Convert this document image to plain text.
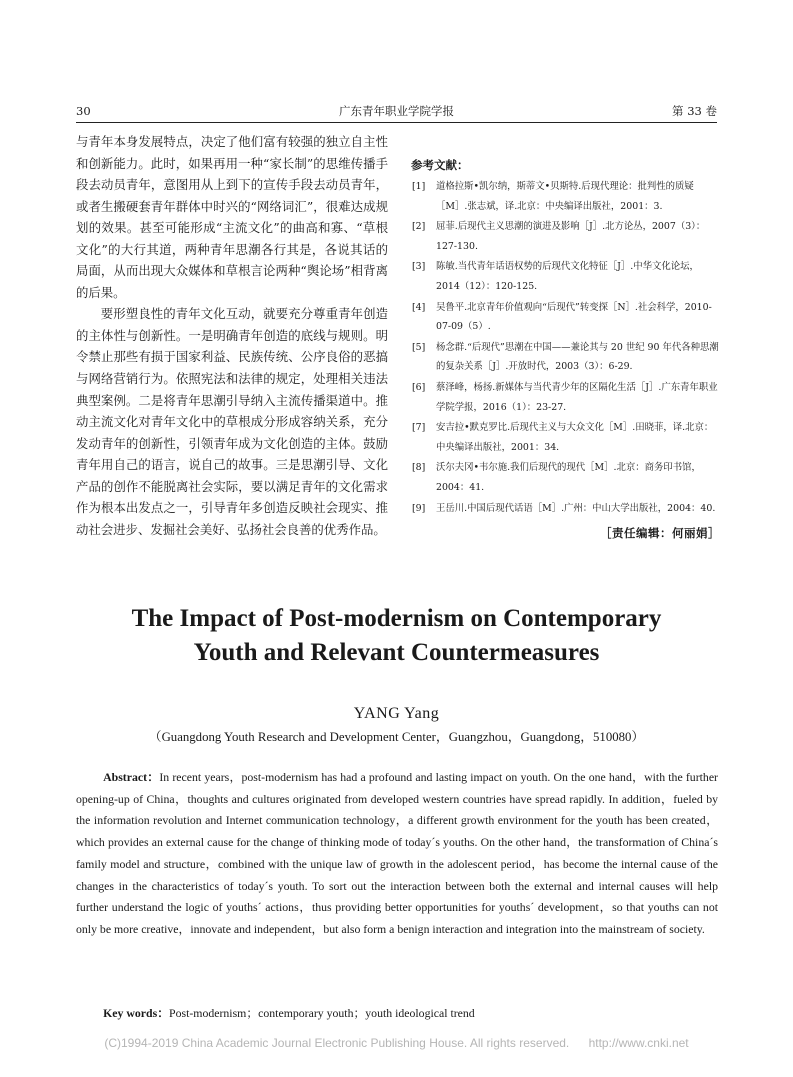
30	广东青年职业学院学报	第 33 卷

与青年本身发展特点，决定了他们富有较强的独立自主性和创新能力。此时，如果再用一种“家长制”的思维传播手段去动员青年，意图用从上到下的宣传手段去动员青年，或者生搬硬套青年群体中时兴的“网络词汇”，很难达成规划的效果。甚至可能形成“主流文化”的曲高和寡、“草根文化”的大行其道，两种青年思潮各行其是，各说其话的局面，从而出现大众媒体和草根言论两种“舆论场”相背离的后果。

要形塑良性的青年文化互动，就要充分尊重青年创造的主体性与创新性。一是明确青年创造的底线与规则。明令禁止那些有损于国家利益、民族传统、公序良俗的恶搞与网络营销行为。依照宪法和法律的规定，处理相关违法典型案例。二是将青年思潮引导纳入主流传播渠道中。推动主流文化对青年文化中的草根成分形成容纳关系，充分发动青年的创新性，引领青年成为文化创造的主体。鼓励青年用自己的语言，说自己的故事。三是思潮引导、文化产品的创作不能脱离社会实际，要以满足青年的文化需求作为根本出发点之一，引导青年多创造反映社会现实、推动社会进步、发掘社会美好、弘扬社会良善的优秀作品。

参考文献：
[1] 道格拉斯•凯尔纳，斯蒂文•贝斯特.后现代理论：批判性的质疑［M］.张志斌，译.北京：中央编译出版社，2001：3.
[2] 屈菲.后现代主义思潮的演进及影响［J］.北方论丛，2007（3）：127-130.
[3] 陈敏.当代青年话语权势的后现代文化特征［J］.中华文化论坛，2014（12）：120-125.
[4] 吴鲁平.北京青年价值观向“后现代”转变探［N］.社会科学，2010-07-09（5）.
[5] 杨念群.“后现代”思潮在中国——兼论其与 20 世纪 90 年代各种思潮的复杂关系［J］.开放时代，2003（3）：6-29.
[6] 蔡泽峰，杨扬.新媒体与当代青少年的区隔化生活［J］.广东青年职业学院学报，2016（1）：23-27.
[7] 安吉拉•默克罗比.后现代主义与大众文化［M］.田晓菲，译.北京：中央编译出版社，2001：34.
[8] 沃尔夫冈•韦尔施.我们后现代的现代［M］.北京：商务印书馆，2004：41.
[9] 王岳川.中国后现代话语［M］.广州：中山大学出版社，2004：40.
［责任编辑：何丽娟］
The Impact of Post-modernism on Contemporary
Youth and Relevant Countermeasures
YANG Yang
（Guangdong Youth Research and Development Center，Guangzhou，Guangdong，510080）

Abstract：In recent years，post-modernism has had a profound and lasting impact on youth. On the one hand，with the further opening-up of China，thoughts and cultures originated from developed western countries have spread rapidly. In addition，fueled by the information revolution and Internet communication technology，a different growth environment for the youth has been created，which provides an external cause for the change of thinking mode of today´s youths. On the other hand，the transformation of China´s family model and structure，combined with the unique law of growth in the adolescent period，has become the internal cause of the changes in the characteristics of today´s youth. To sort out the interaction between both the external and internal causes will help further understand the logic of youths´ actions，thus providing better opportunities for youths´ development，so that youths can not only be more creative，innovate and independent，but also form a benign interaction and integration into the mainstream of society.

Key words：Post-modernism；contemporary youth；youth ideological trend
(C)1994-2019 China Academic Journal Electronic Publishing House. All rights reserved. http://www.cnki.net
